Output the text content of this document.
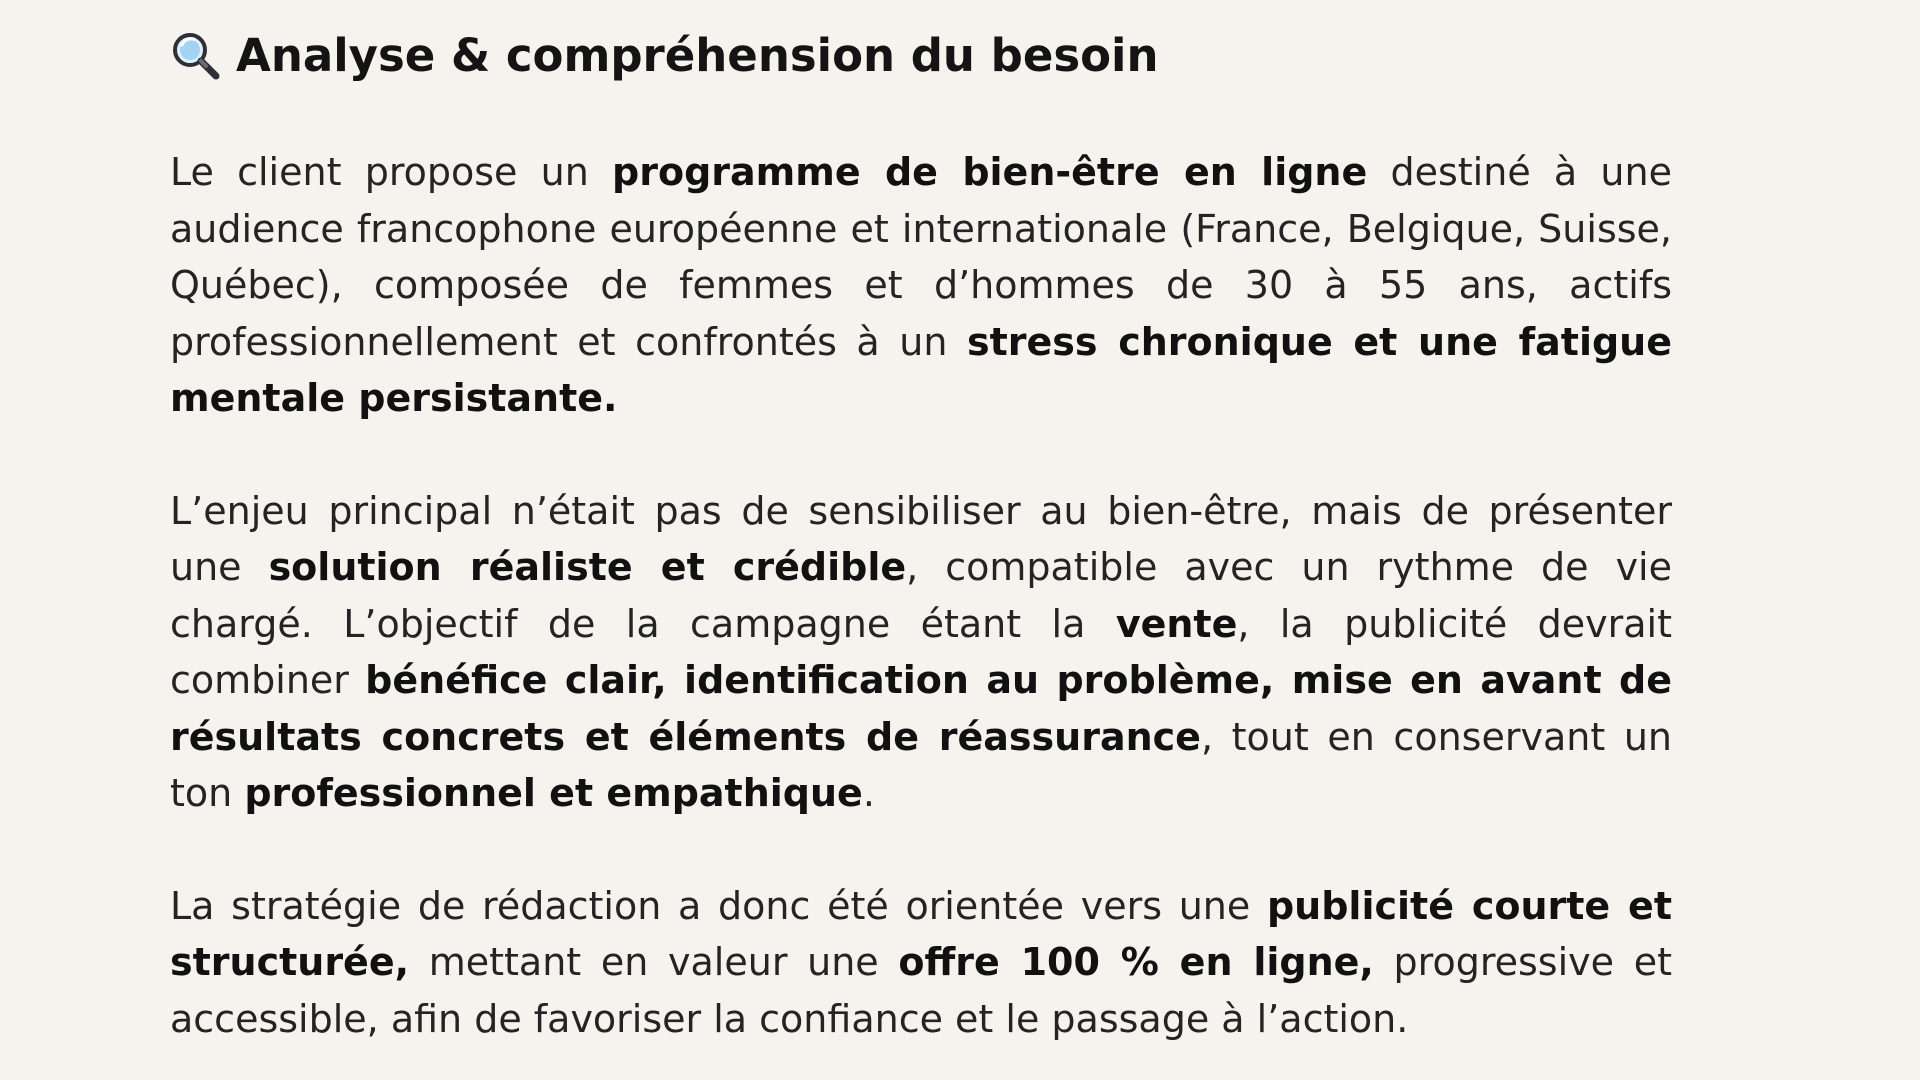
Analyse & compréhension du besoin

Le client propose un programme de bien-être en ligne destiné à une audience francophone européenne et internationale (France, Belgique, Suisse, Québec), composée de femmes et d’hommes de 30 à 55 ans, actifs professionnellement et confrontés à un stress chronique et une fatigue mentale persistante.

L’enjeu principal n’était pas de sensibiliser au bien-être, mais de présenter une solution réaliste et crédible, compatible avec un rythme de vie chargé. L’objectif de la campagne étant la vente, la publicité devrait combiner bénéfice clair, identification au problème, mise en avant de résultats concrets et éléments de réassurance, tout en conservant un ton professionnel et empathique.

La stratégie de rédaction a donc été orientée vers une publicité courte et structurée, mettant en valeur une offre 100 % en ligne, progressive et accessible, afin de favoriser la confiance et le passage à l’action.
